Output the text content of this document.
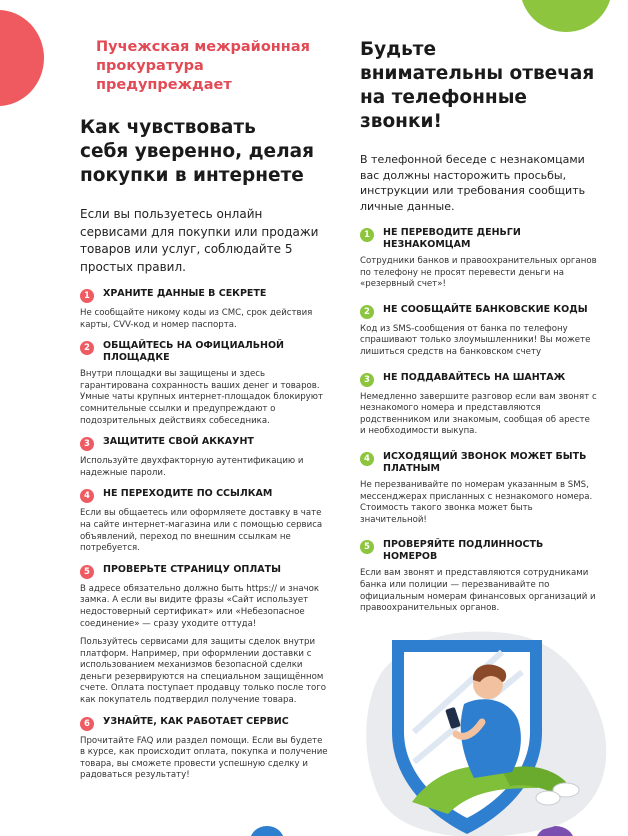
Пучежская межрайонная
прокуратура предупреждает
Как чувствовать
себя уверенно, делая
покупки в интернете
Если вы пользуетесь онлайн сервисами для покупки или продажи товаров или услуг, соблюдайте 5 простых правил.
1	ХРАНИТЕ ДАННЫЕ В СЕКРЕТЕ
Не сообщайте никому коды из СМС, срок действия карты, CVV-код и номер паспорта.
2	ОБЩАЙТЕСЬ НА ОФИЦИАЛЬНОЙ ПЛОЩАДКЕ
Внутри площадки вы защищены и здесь гарантирована сохранность ваших денег и товаров. Умные чаты крупных интернет-площадок блокируют сомнительные ссылки и предупреждают о подозрительных действиях собеседника.
3	ЗАЩИТИТЕ СВОЙ АККАУНТ
Используйте двухфакторную аутентификацию и надежные пароли.
4	НЕ ПЕРЕХОДИТЕ ПО ССЫЛКАМ
Если вы общаетесь или оформляете доставку в чате на сайте интернет-магазина или с помощью сервиса объявлений, переход по внешним ссылкам не потребуется.
5	ПРОВЕРЬТЕ СТРАНИЦУ ОПЛАТЫ
В адресе обязательно должно быть https:// и значок замка. А если вы видите фразы «Сайт использует недостоверный сертификат» или «Небезопасное соединение» — сразу уходите оттуда!
Пользуйтесь сервисами для защиты сделок внутри платформ. Например, при оформлении доставки с использованием механизмов безопасной сделки деньги резервируются на специальном защищённом счете. Оплата поступает продавцу только после того как покупатель подтвердил получение товара.
6	УЗНАЙТЕ, КАК РАБОТАЕТ СЕРВИС
Прочитайте FAQ или раздел помощи. Если вы будете в курсе, как происходит оплата, покупка и получение товара, вы сможете провести успешную сделку и радоваться результату!
Будьте
внимательны отвечая
на телефонные
звонки!
В телефонной беседе с незнакомцами вас должны насторожить просьбы, инструкции или требования сообщить личные данные.
1	НЕ ПЕРЕВОДИТЕ ДЕНЬГИ НЕЗНАКОМЦАМ
Сотрудники банков и правоохранительных органов по телефону не просят перевести деньги на «резервный счет»!
2	НЕ СООБЩАЙТЕ БАНКОВСКИЕ КОДЫ
Код из SMS-сообщения от банка по телефону спрашивают только злоумышленники! Вы можете лишиться средств на банковском счету
3	НЕ ПОДДАВАЙТЕСЬ НА ШАНТАЖ
Немедленно завершите разговор если вам звонят с незнакомого номера и представляются родственником или знакомым, сообщая об аресте и необходимости выкупа.
4	ИСХОДЯЩИЙ ЗВОНОК МОЖЕТ БЫТЬ ПЛАТНЫМ
Не перезванивайте по номерам указанным в SMS, мессенджерах присланных с незнакомого номера. Стоимость такого звонка может быть значительной!
5	ПРОВЕРЯЙТЕ ПОДЛИННОСТЬ НОМЕРОВ
Если вам звонят и представляются сотрудниками банка или полиции — перезванивайте по официальным номерам финансовых организаций и правоохранительных органов.
